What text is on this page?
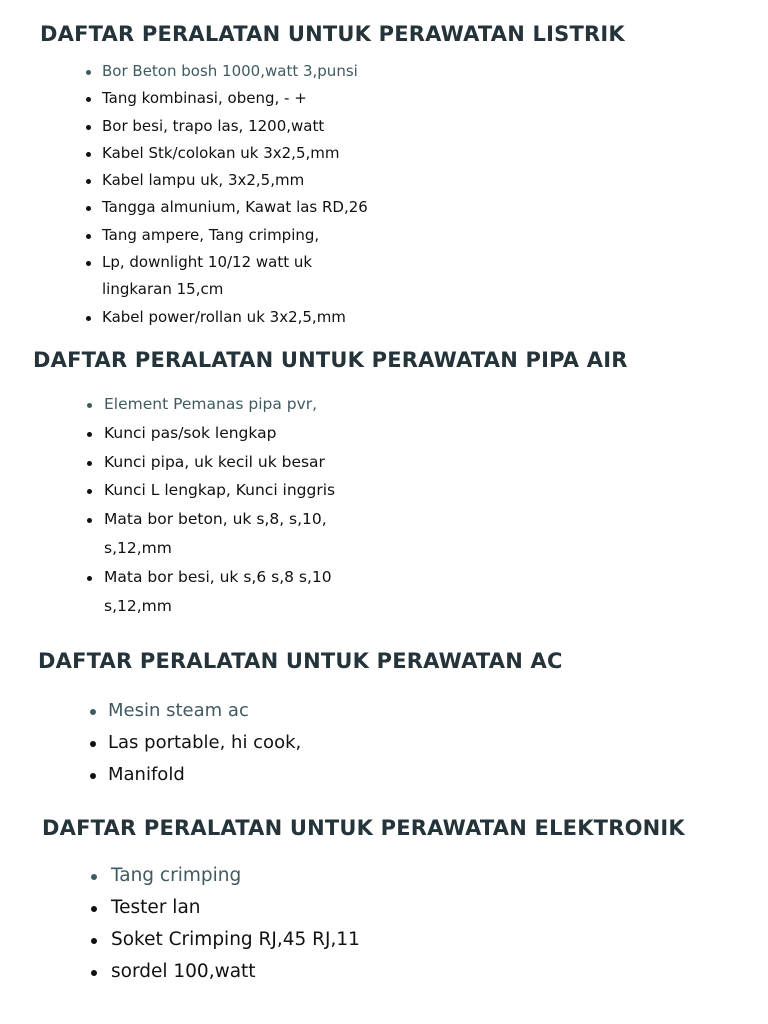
DAFTAR PERALATAN UNTUK PERAWATAN LISTRIK
Bor Beton bosh 1000,watt 3,punsi
Tang kombinasi, obeng, - +
Bor besi, trapo las, 1200,watt
Kabel Stk/colokan uk 3x2,5,mm
Kabel lampu uk, 3x2,5,mm
Tangga almunium, Kawat las RD,26
Tang ampere, Tang crimping,
Lp, downlight 10/12 watt uk
lingkaran 15,cm
Kabel power/rollan uk 3x2,5,mm
DAFTAR PERALATAN UNTUK PERAWATAN PIPA AIR
Element Pemanas pipa pvr,
Kunci pas/sok lengkap
Kunci pipa, uk kecil uk besar
Kunci L lengkap, Kunci inggris
Mata bor beton, uk s,8, s,10,
s,12,mm
Mata bor besi, uk s,6 s,8 s,10
s,12,mm
DAFTAR PERALATAN UNTUK PERAWATAN AC
Mesin steam ac
Las portable, hi cook,
Manifold
DAFTAR PERALATAN UNTUK PERAWATAN ELEKTRONIK
Tang crimping
Tester lan
Soket Crimping RJ,45 RJ,11
sordel 100,watt
